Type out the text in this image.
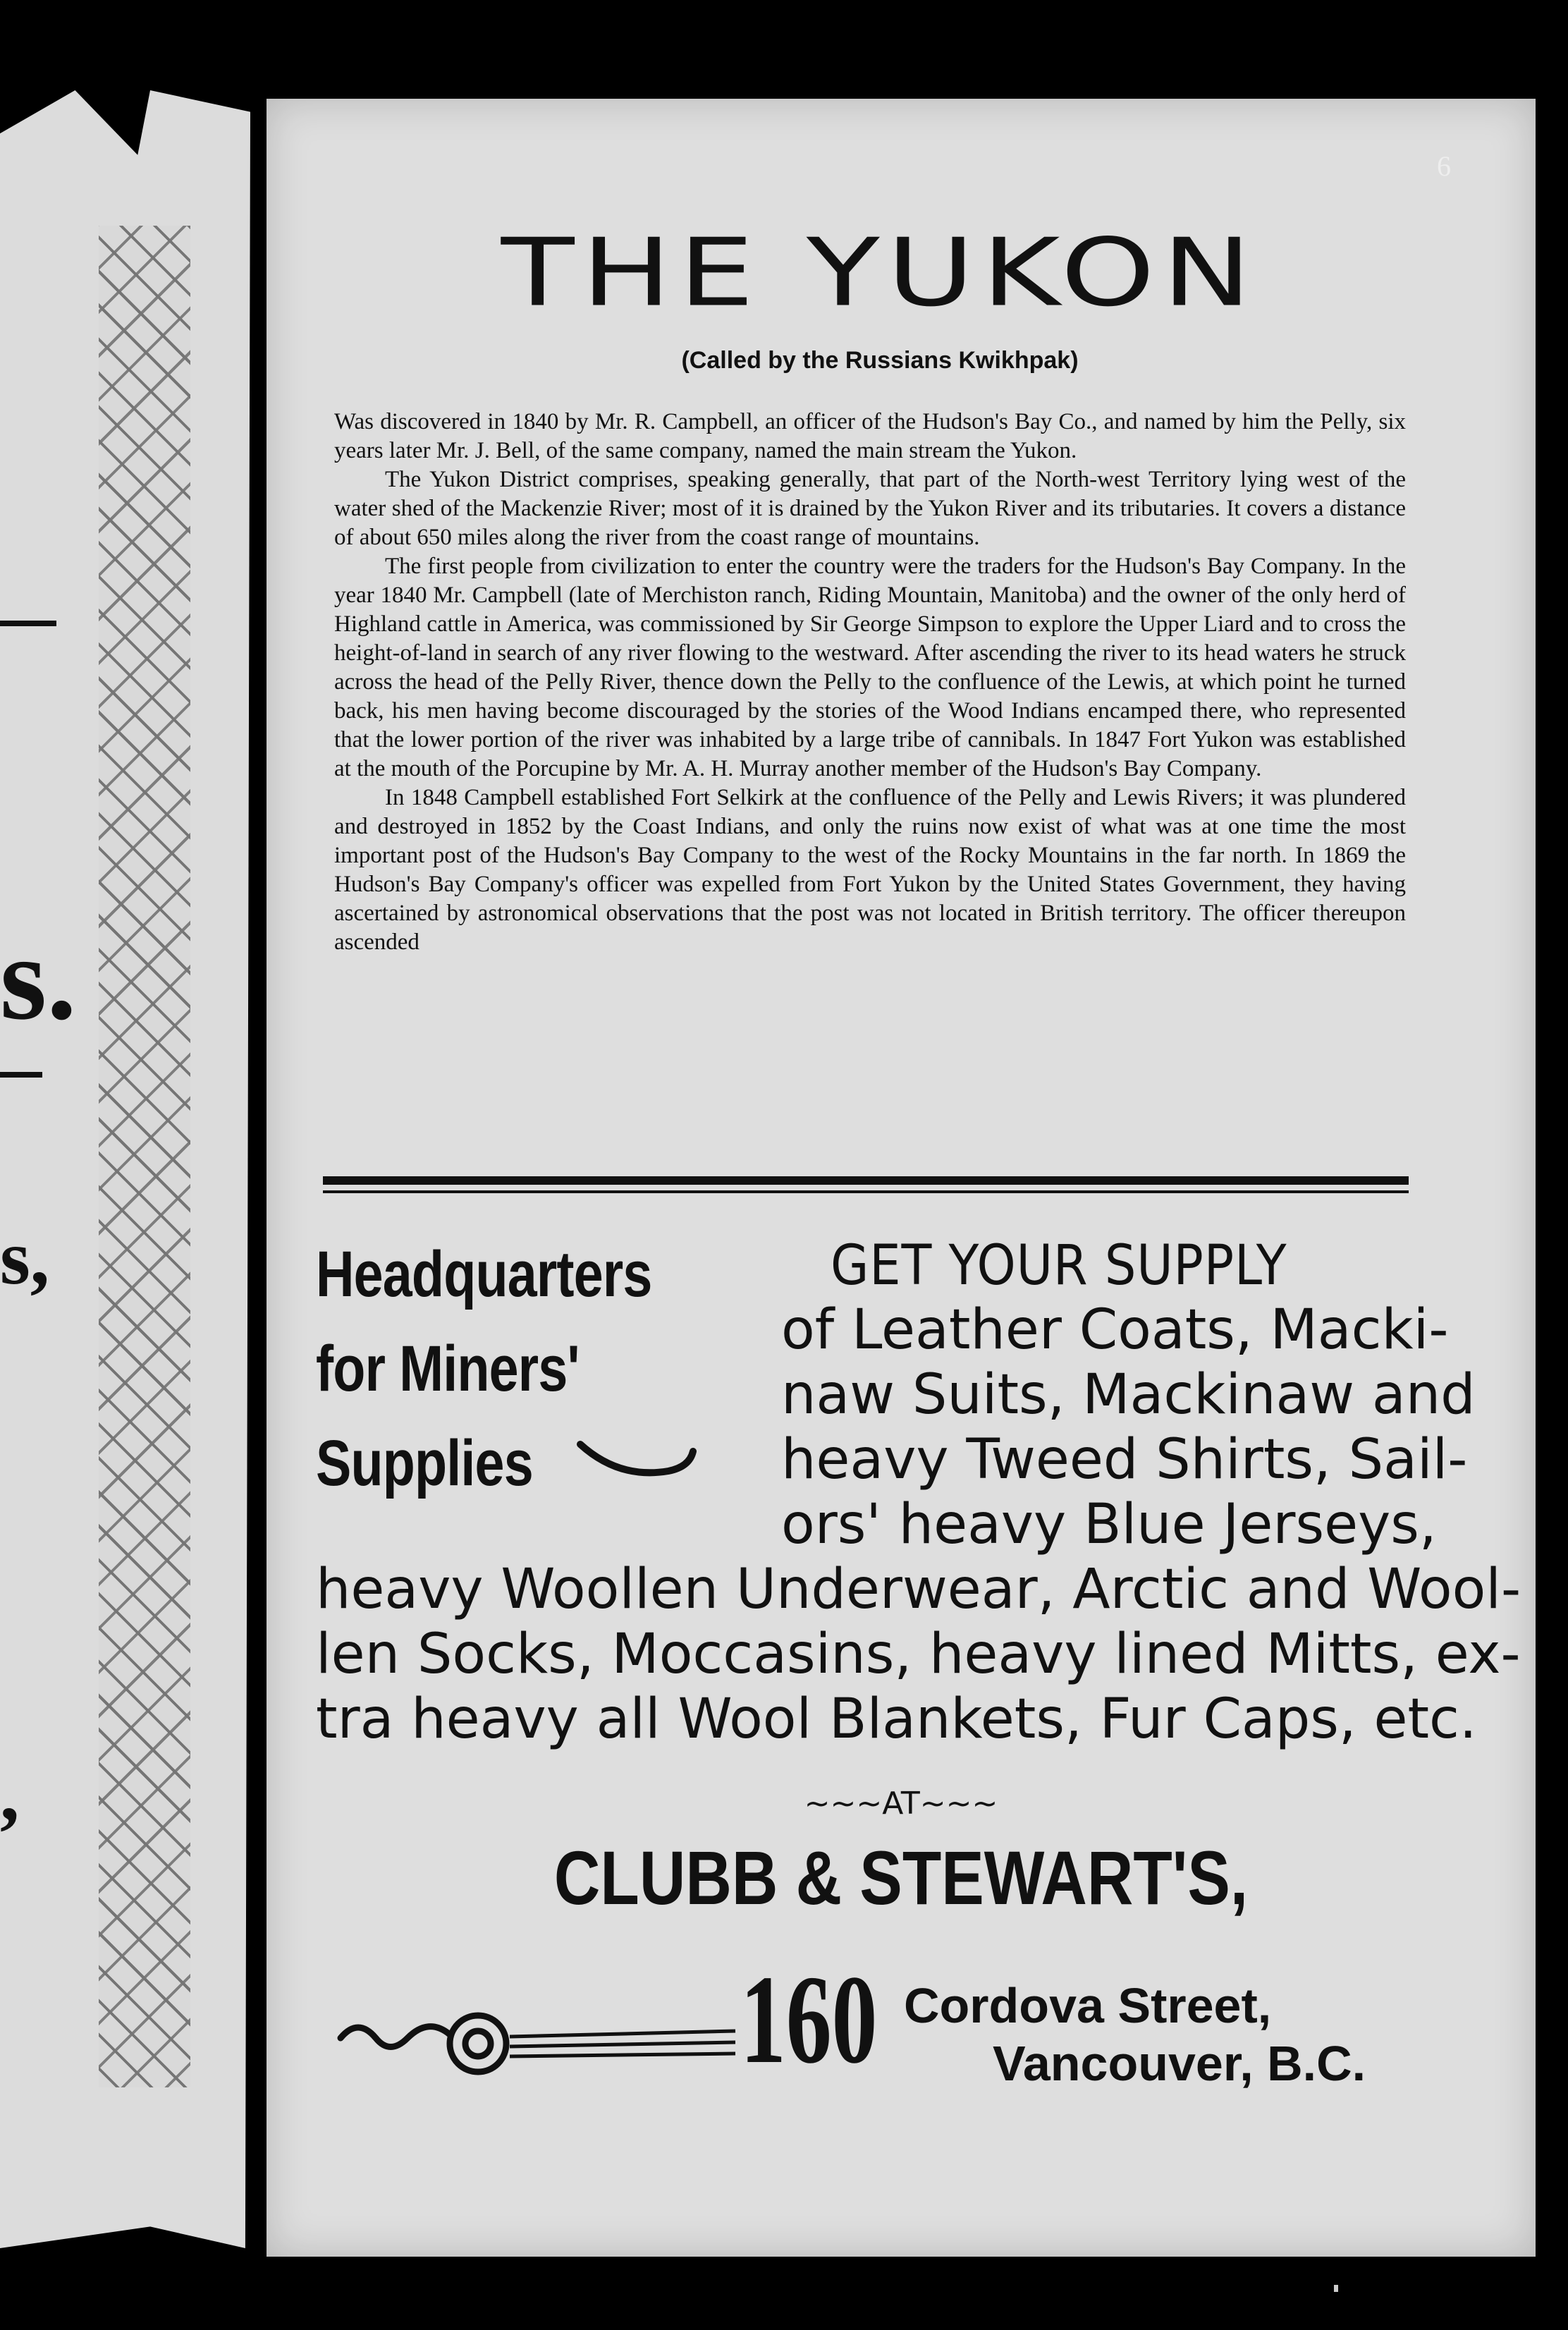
s.
s,
,
6
THE YUKON
(Called by the Russians Kwikhpak)

Was discovered in 1840 by Mr. R. Campbell, an officer of the Hudson's Bay Co., and named by him the Pelly, six years later Mr. J. Bell, of the same company, named the main stream the Yukon.

The Yukon District comprises, speaking generally, that part of the North-west Territory lying west of the water shed of the Mackenzie River; most of it is drained by the Yukon River and its tributaries. It covers a distance of about 650 miles along the river from the coast range of mountains.

The first people from civilization to enter the country were the traders for the Hudson's Bay Company. In the year 1840 Mr. Campbell (late of Merchiston ranch, Riding Mountain, Manitoba) and the owner of the only herd of Highland cattle in America, was commissioned by Sir George Simpson to explore the Upper Liard and to cross the height-of-land in search of any river flowing to the westward. After ascending the river to its head waters he struck across the head of the Pelly River, thence down the Pelly to the confluence of the Lewis, at which point he turned back, his men having become discouraged by the stories of the Wood Indians encamped there, who represented that the lower portion of the river was inhabited by a large tribe of cannibals. In 1847 Fort Yukon was established at the mouth of the Porcupine by Mr. A. H. Murray another member of the Hudson's Bay Company.

In 1848 Campbell established Fort Selkirk at the confluence of the Pelly and Lewis Rivers; it was plundered and destroyed in 1852 by the Coast Indians, and only the ruins now exist of what was at one time the most important post of the Hudson's Bay Company to the west of the Rocky Mountains in the far north. In 1869 the Hudson's Bay Company's officer was expelled from Fort Yukon by the United States Government, they having ascertained by astronomical observations that the post was not located in British territory. The officer thereupon ascended

Headquarters
for Miners'
Supplies
GET YOUR SUPPLY
of Leather Coats, Macki-
naw Suits, Mackinaw and
heavy Tweed Shirts, Sail-
ors' heavy Blue Jerseys,
heavy Woollen Underwear, Arctic and Wool-
len Socks, Moccasins, heavy lined Mitts, ex-
tra heavy all Wool Blankets, Fur Caps, etc.
~~~AT~~~
CLUBB & STEWART'S,
160 Cordova Street,
Vancouver, B.C.
